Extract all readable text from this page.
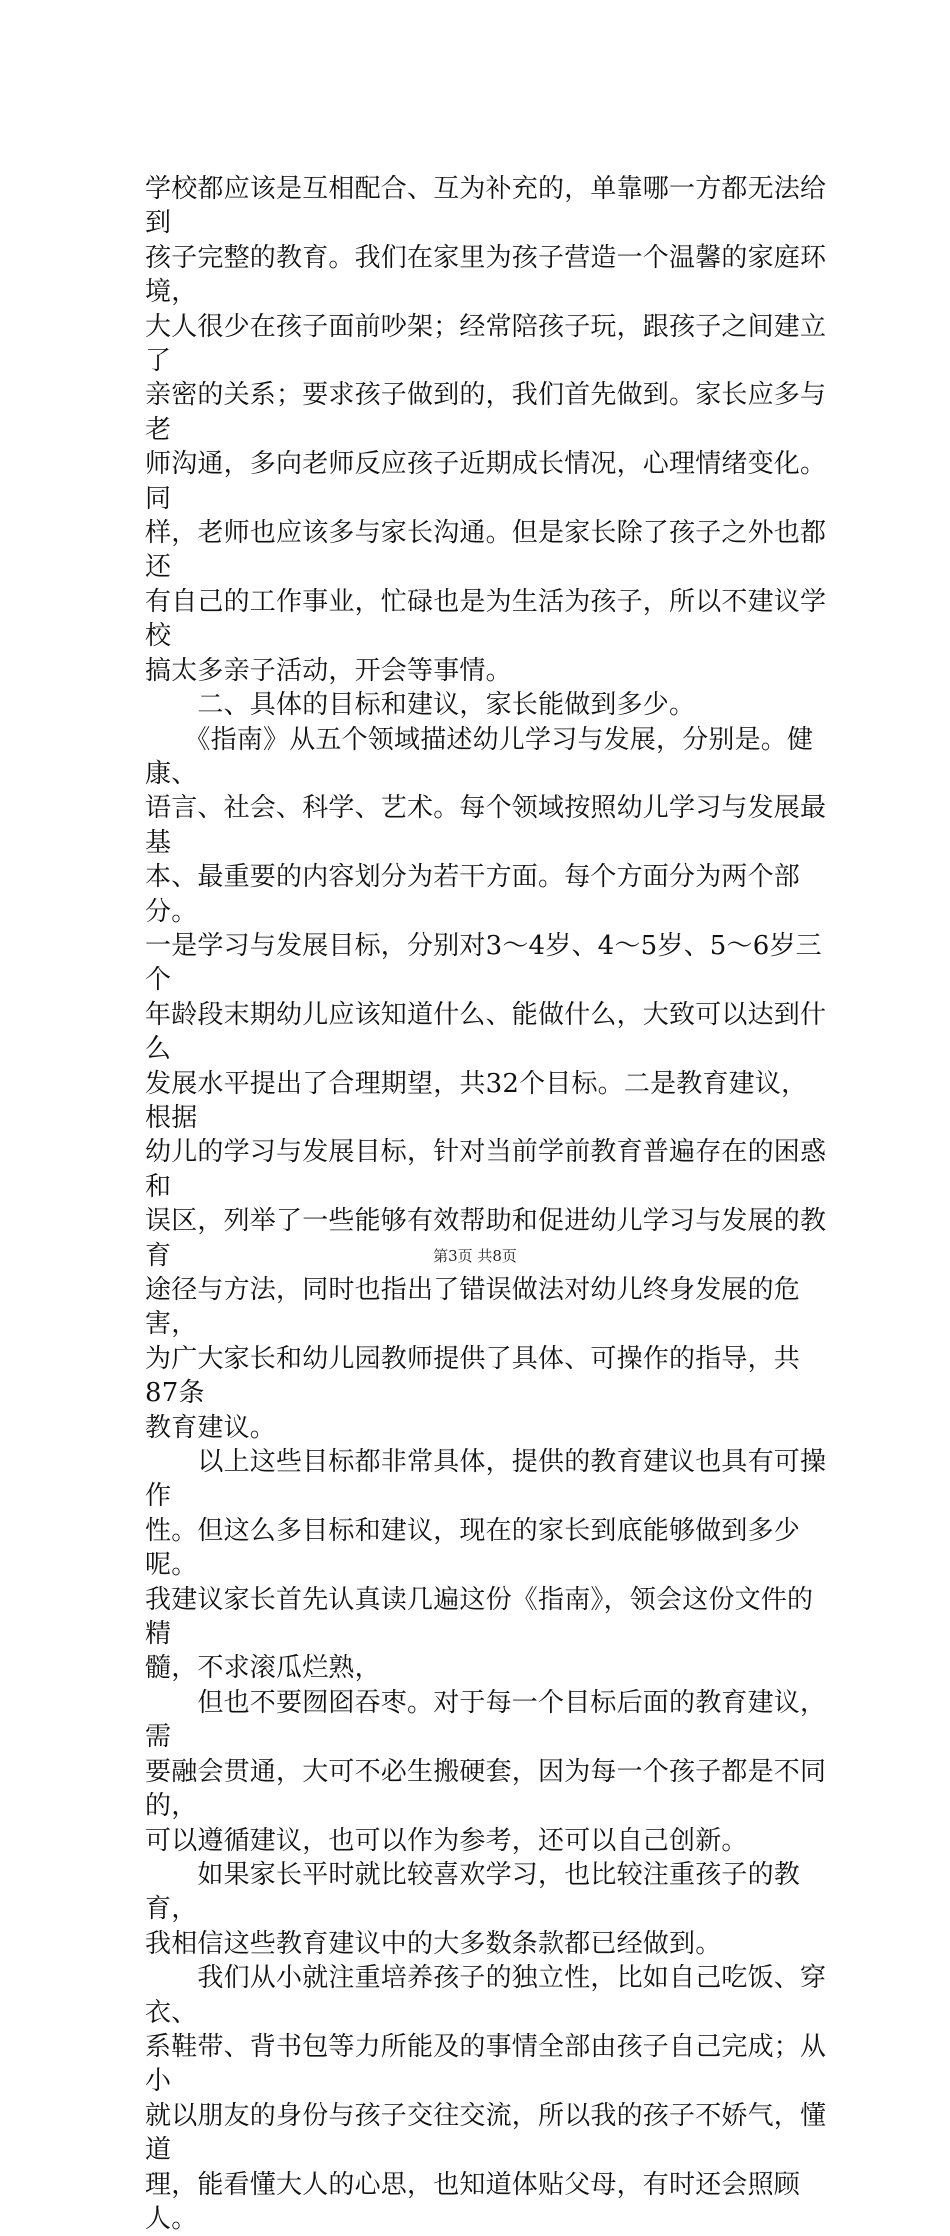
学校都应该是互相配合、互为补充的，单靠哪一方都无法给到
孩子完整的教育。我们在家里为孩子营造一个温馨的家庭环境，
大人很少在孩子面前吵架；经常陪孩子玩，跟孩子之间建立了
亲密的关系；要求孩子做到的，我们首先做到。家长应多与老
师沟通，多向老师反应孩子近期成长情况，心理情绪变化。同
样，老师也应该多与家长沟通。但是家长除了孩子之外也都还
有自己的工作事业，忙碌也是为生活为孩子，所以不建议学校
搞太多亲子活动，开会等事情。

　　二、具体的目标和建议，家长能做到多少。

　　《指南》从五个领域描述幼儿学习与发展，分别是。健康、
语言、社会、科学、艺术。每个领域按照幼儿学习与发展最基
本、最重要的内容划分为若干方面。每个方面分为两个部分。
一是学习与发展目标，分别对3～4岁、4～5岁、5～6岁三个
年龄段末期幼儿应该知道什么、能做什么，大致可以达到什么
发展水平提出了合理期望，共32个目标。二是教育建议，根据
幼儿的学习与发展目标，针对当前学前教育普遍存在的困惑和
误区，列举了一些能够有效帮助和促进幼儿学习与发展的教育
途径与方法，同时也指出了错误做法对幼儿终身发展的危害，
为广大家长和幼儿园教师提供了具体、可操作的指导，共87条
教育建议。

　　以上这些目标都非常具体，提供的教育建议也具有可操作
性。但这么多目标和建议，现在的家长到底能够做到多少呢。
我建议家长首先认真读几遍这份《指南》，领会这份文件的精
髓，不求滚瓜烂熟，

　　但也不要囫囵吞枣。对于每一个目标后面的教育建议，需
要融会贯通，大可不必生搬硬套，因为每一个孩子都是不同的，
可以遵循建议，也可以作为参考，还可以自己创新。

　　如果家长平时就比较喜欢学习，也比较注重孩子的教育，
我相信这些教育建议中的大多数条款都已经做到。

　　我们从小就注重培养孩子的独立性，比如自己吃饭、穿衣、
系鞋带、背书包等力所能及的事情全部由孩子自己完成；从小
就以朋友的身份与孩子交往交流，所以我的孩子不娇气，懂道
理，能看懂大人的心思，也知道体贴父母，有时还会照顾人。

第3页 共8页
